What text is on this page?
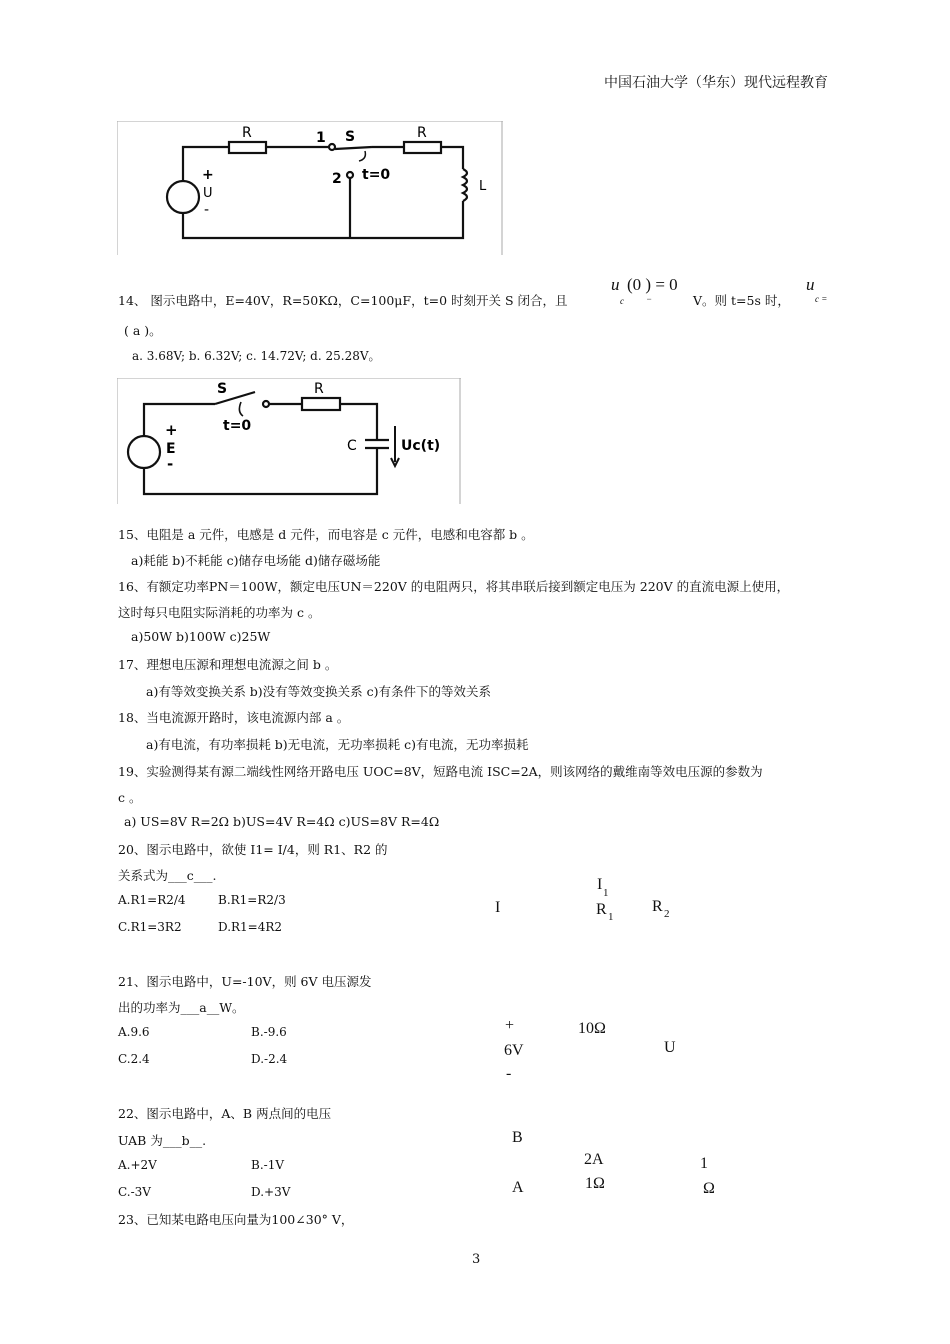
中国石油大学（华东）现代远程教育
R	1 S	R
2 t=0
+
U
-
L
14、 图示电路中，E=40V，R=50KΩ，C=100μF，t=0 时刻开关 S 闭合，且
u (0 ) = 0
c −	V。则 t=5s 时，
u
c =
( a )。
a. 3.68V; b. 6.32V; c. 14.72V; d. 25.28V。
S	R
t=0
+
E
-
C	Uc(t)
15、电阻是 a 元件，电感是 d 元件，而电容是 c 元件，电感和电容都 b 。
a)耗能 b)不耗能 c)储存电场能 d)储存磁场能
16、有额定功率PN＝100W，额定电压UN＝220V 的电阻两只，将其串联后接到额定电压为 220V 的直流电源上使用，
这时每只电阻实际消耗的功率为 c 。
a)50W b)100W c)25W
17、理想电压源和理想电流源之间 b 。
a)有等效变换关系 b)没有等效变换关系 c)有条件下的等效关系
18、当电流源开路时，该电流源内部 a 。
a)有电流，有功率损耗 b)无电流，无功率损耗 c)有电流，无功率损耗
19、实验测得某有源二端线性网络开路电压 UOC=8V，短路电流 ISC=2A，则该网络的戴维南等效电压源的参数为
c 。
a) US=8V R=2Ω b)US=4V R=4Ω c)US=8V R=4Ω
20、图示电路中，欲使 I1= I/4，则 R1、R2 的
关系式为___c___.
A.R1=R2/4	B.R1=R2/3
C.R1=3R2	D.R1=4R2
I
I 1
R 1
R 2
21、图示电路中，U=-10V，则 6V 电压源发
出的功率为___a__W。
A.9.6	B.-9.6
C.2.4	D.-2.4
+
6V
-
10Ω
U
22、图示电路中，A、B 两点间的电压
UAB 为___b__.
A.+2V	B.-1V
C.-3V	D.+3V
B
A
2A
1Ω
1
Ω
23、已知某电路电压向量为100∠30° V，
3
